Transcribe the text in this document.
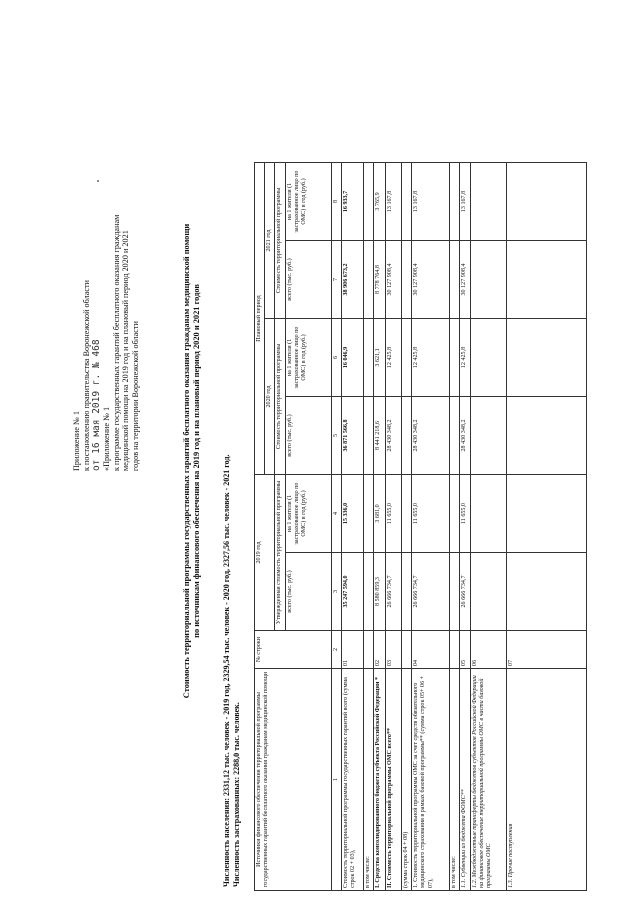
Приложение № 1 к постановлению правительства Воронежской области от 16 мая 2019 г. № 468 «Приложение № 1 к программе государственных гарантий бесплатного оказания гражданам медицинской помощи на 2019 год и на плановый период 2020 и 2021 годов на территории Воронежской области	Стоимость территориальной программы государственных гарантий бесплатного оказания гражданам медицинской помощи по источникам финансового обеспечения на 2019 год и на плановый период 2020 и 2021 годов	Численность населения: 2331,12 тыс. человек - 2019 год, 2329,54 тыс. человек - 2020 год, 2327,56 тыс. человек - 2021 год. Численность застрахованных: 2288,0 тыс. человек. Источники финансового обеспечения территориальной программы государственных гарантий бесплатного оказания гражданам медицинской помощи	№ строки	2019 год		Плановый период			
				2020 год		2021 год	
		Утвержденная стоимость территориальной программы		Стоимость территориальной программы		Стоимость территориальной программы	
		всего (тыс. руб.)	на 1 жителя (1 застрахованное лицо по ОМС) в год (руб.)	всего (тыс. руб.)	на 1 жителя (1 застрахованное лицо по ОМС) в год (руб.)	всего (тыс. руб.)	на 1 жителя (1 застрахованное лицо по ОМС) в год (руб.)
1	2	3	4	5	6	7	8
Стоимость территориальной программы государственных гарантий всего (сумма строк 02 + 03),	01	35 247 594,0	15 336,0	36 871 566,8	16 046,9	38 906 673,2	16 933,7
в том числе:							
I. Средства консолидированного бюджета субъекта Российской Федерации *	02	8 580 859,3	3 681,0	8 441 218,6	3 621,1	8 778 764,8	3 765,9
II. Стоимость территориальной программы ОМС всего**	03	26 666 734,7	11 655,0	28 430 348,2	12 425,8	30 127 908,4	13 167,8
(сумма строк 04 + 08)							
1. Стоимость территориальной программы ОМС за счет средств обязательного медицинского страхования в рамках базовой программы** (сумма строк 05+ 06 + 07),	04	26 666 734,7	11 655,0	28 430 348,2	12 425,8	30 127 908,4	13 167,8
в том числе:							
1.1. Субвенции из бюджета ФОМС**	05	26 666 734,7	11 655,0	28 430 348,2	12 425,8	30 127 908,4	13 167,8
1.2. Межбюджетные трансферты бюджетов субъектов Российской Федерации на финансовое обеспечение территориальной программы ОМС в части базовой программы ОМС	06						
1.3. Прочие поступления	07						
